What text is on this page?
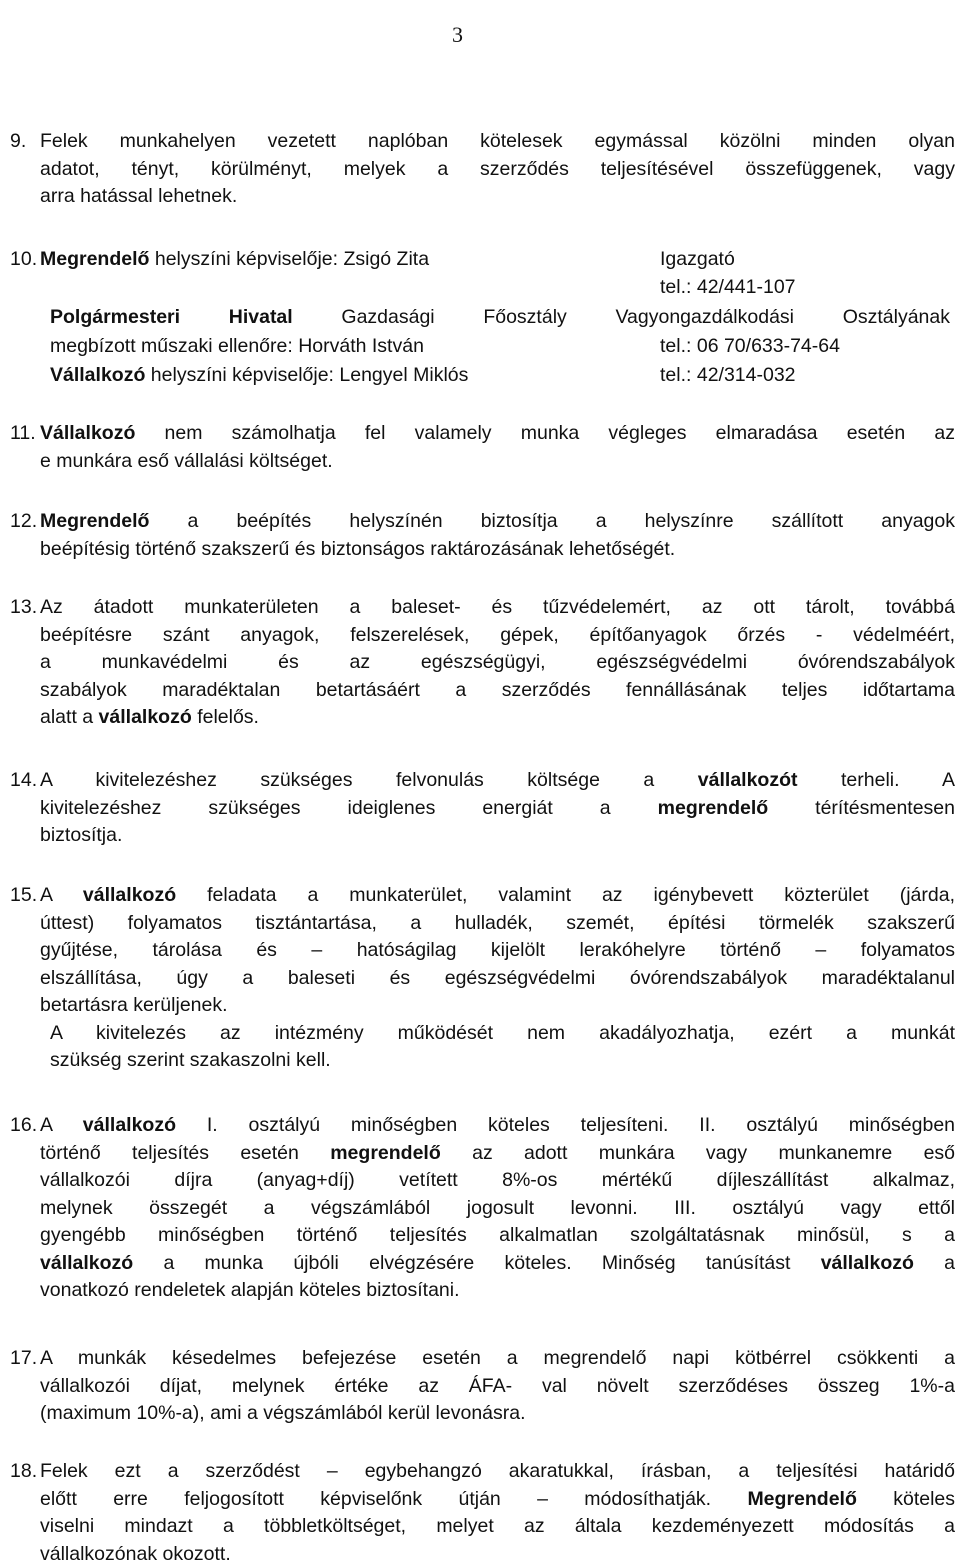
3
9. Felek munkahelyen vezetett naplóban kötelesek egymással közölni minden olyan
adatot, tényt, körülményt, melyek a szerződés teljesítésével összefüggenek, vagy
arra hatással lehetnek.
10. Megrendelő helyszíni képviselője: Zsigó Zita	Igazgató
tel.: 42/441-107
Polgármesteri Hivatal Gazdasági Főosztály Vagyongazdálkodási Osztályának
megbízott műszaki ellenőre: Horváth István	tel.: 06 70/633-74-64
Vállalkozó helyszíni képviselője: Lengyel Miklós	tel.: 42/314-032
11. Vállalkozó nem számolhatja fel valamely munka végleges elmaradása esetén az
e munkára eső vállalási költséget.
12. Megrendelő a beépítés helyszínén biztosítja a helyszínre szállított anyagok
beépítésig történő szakszerű és biztonságos raktározásának lehetőségét.
13. Az átadott munkaterületen a baleset- és tűzvédelemért, az ott tárolt, továbbá
beépítésre szánt anyagok, felszerelések, gépek, építőanyagok őrzés - védelméért,
a munkavédelmi és az egészségügyi, egészségvédelmi óvórendszabályok
szabályok maradéktalan betartásáért a szerződés fennállásának teljes időtartama
alatt a vállalkozó felelős.
14. A kivitelezéshez szükséges felvonulás költsége a vállalkozót terheli. A
kivitelezéshez szükséges ideiglenes energiát a megrendelő térítésmentesen
biztosítja.
15. A vállalkozó feladata a munkaterület, valamint az igénybevett közterület (járda,
úttest) folyamatos tisztántartása, a hulladék, szemét, építési törmelék szakszerű
gyűjtése, tárolása és – hatóságilag kijelölt lerakóhelyre történő – folyamatos
elszállítása, úgy a baleseti és egészségvédelmi óvórendszabályok maradéktalanul
betartásra kerüljenek.
A kivitelezés az intézmény működését nem akadályozhatja, ezért a munkát
szükség szerint szakaszolni kell.
16. A vállalkozó I. osztályú minőségben köteles teljesíteni. II. osztályú minőségben
történő teljesítés esetén megrendelő az adott munkára vagy munkanemre eső
vállalkozói díjra (anyag+díj) vetített 8%-os mértékű díjleszállítást alkalmaz,
melynek összegét a végszámlából jogosult levonni. III. osztályú vagy ettől
gyengébb minőségben történő teljesítés alkalmatlan szolgáltatásnak minősül, s a
vállalkozó a munka újbóli elvégzésére köteles. Minőség tanúsítást vállalkozó a
vonatkozó rendeletek alapján köteles biztosítani.
17. A munkák késedelmes befejezése esetén a megrendelő napi kötbérrel csökkenti a
vállalkozói díjat, melynek értéke az ÁFA- val növelt szerződéses összeg 1%-a
(maximum 10%-a), ami a végszámlából kerül levonásra.
18. Felek ezt a szerződést – egybehangzó akaratukkal, írásban, a teljesítési határidő
előtt erre feljogosított képviselőnk útján – módosíthatják. Megrendelő köteles
viselni mindazt a többletköltséget, melyet az általa kezdeményezett módosítás a
vállalkozónak okozott.
